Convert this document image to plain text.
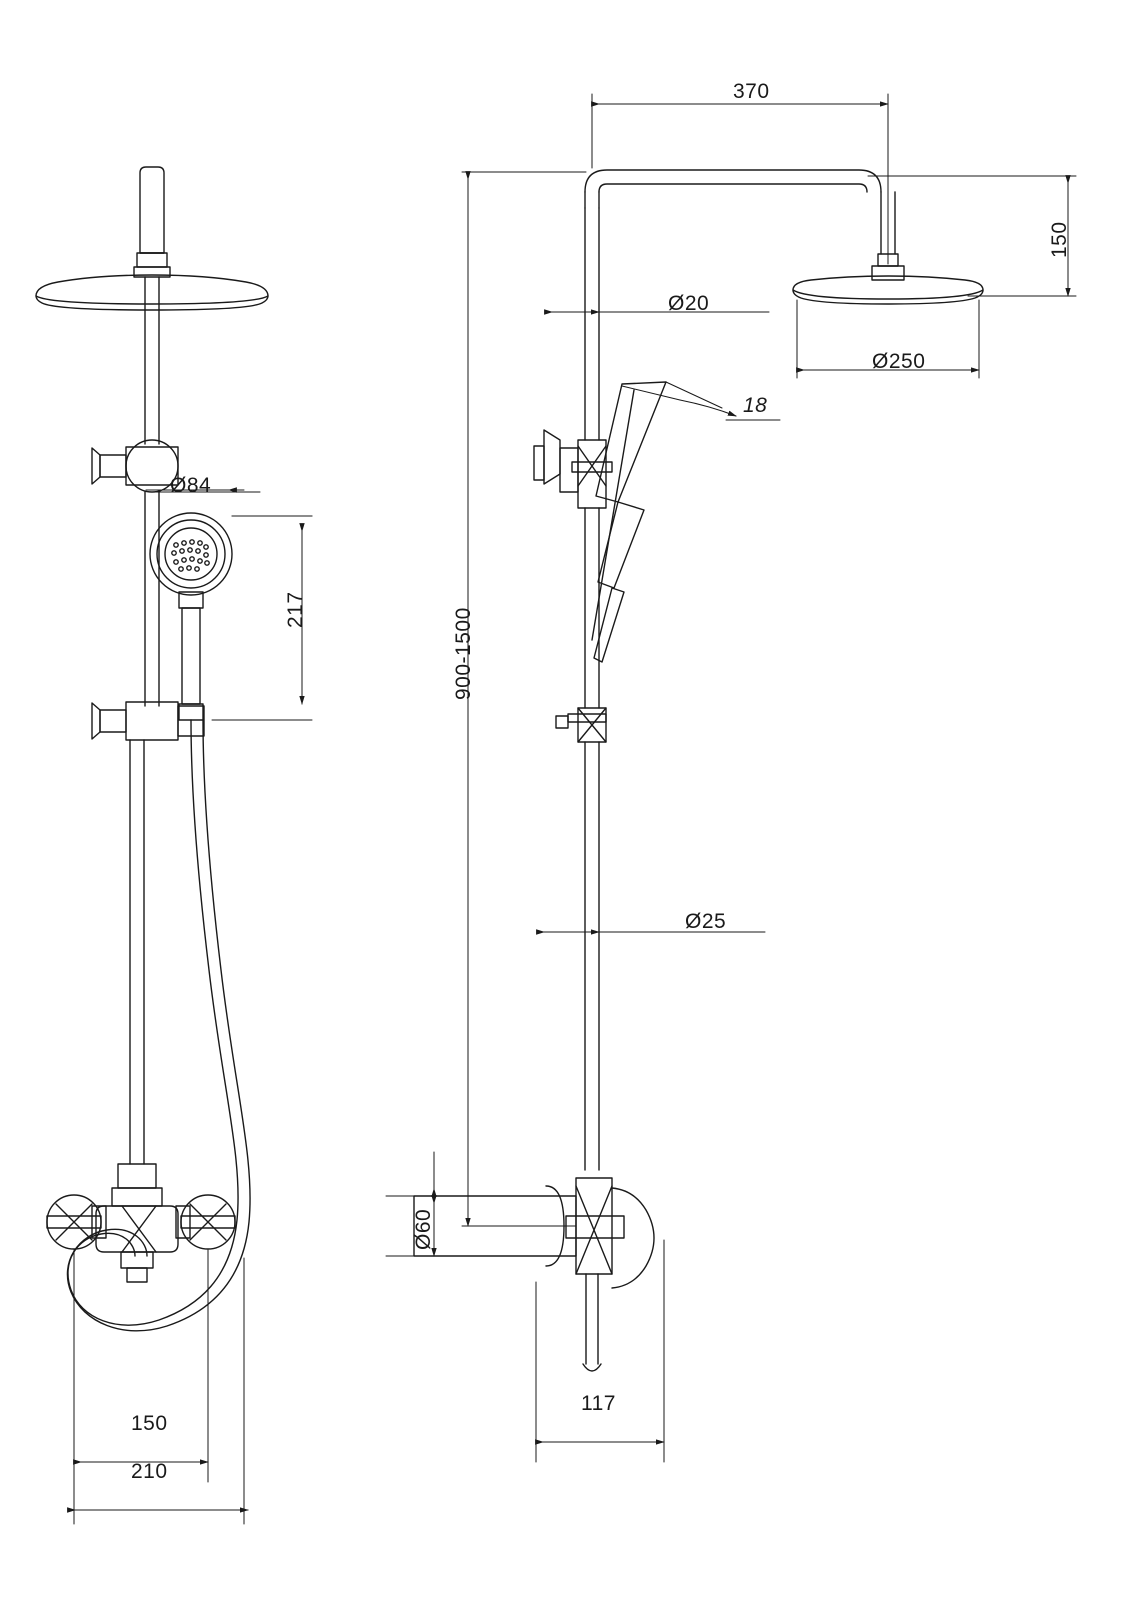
370
150
Ø20
Ø250
18
Ø84
217	900-1500
Ø25
Ø60
117
150
210
